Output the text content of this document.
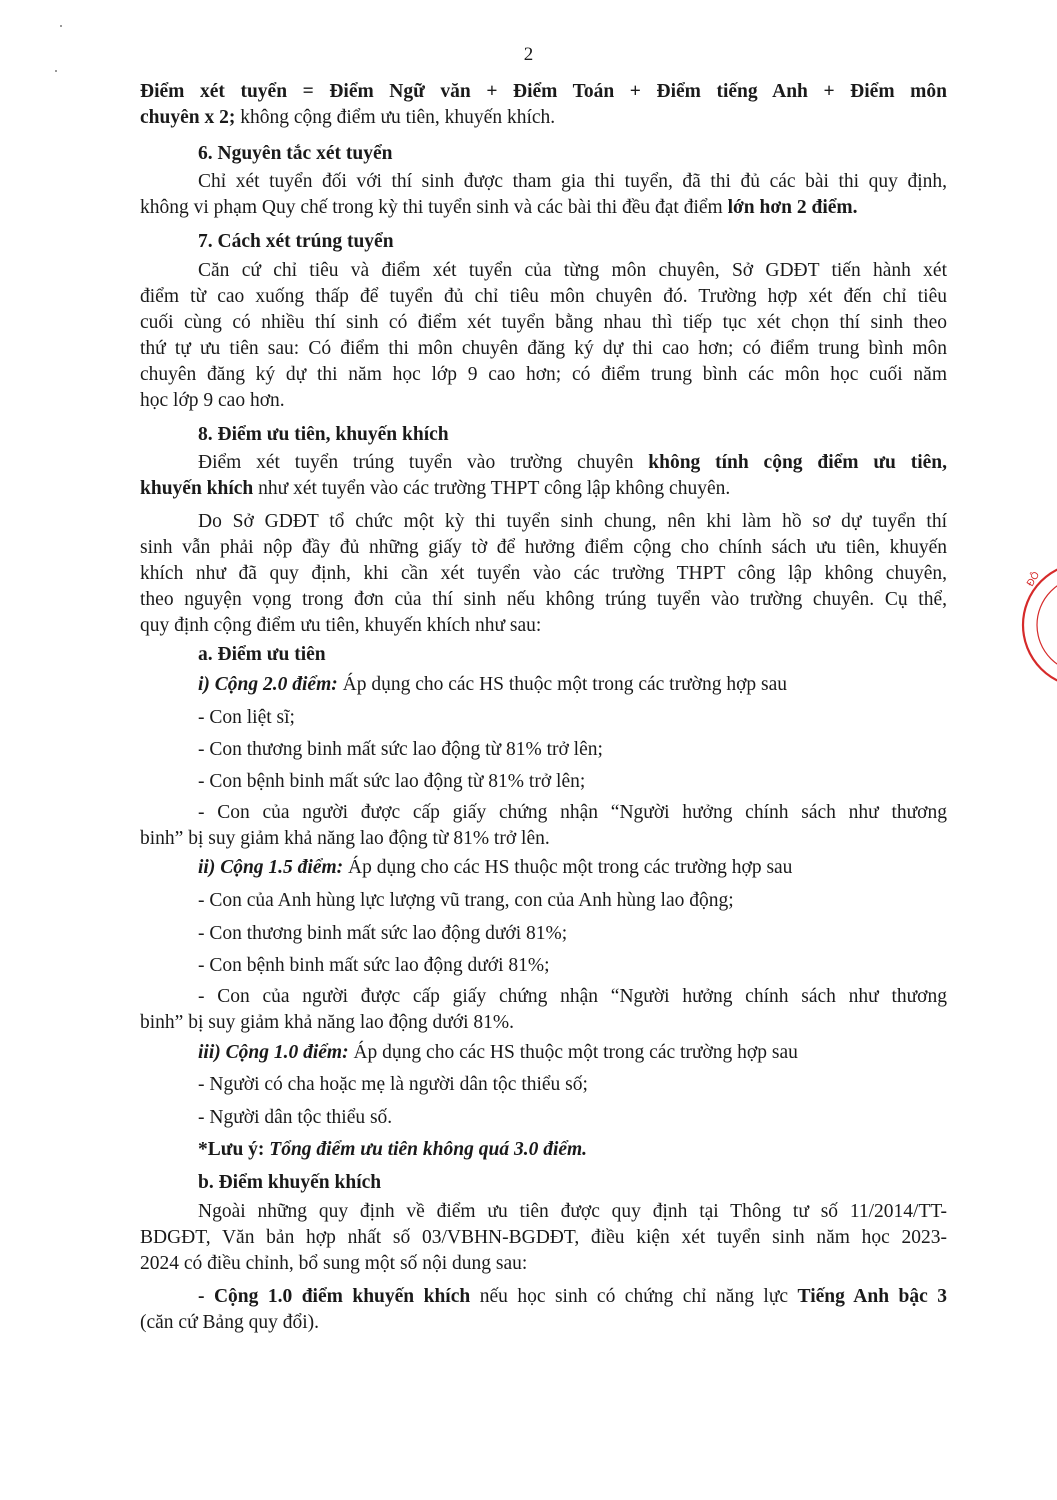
2
Điểm xét tuyển = Điểm Ngữ văn + Điểm Toán + Điểm tiếng Anh + Điểm môn
chuyên x 2; không cộng điểm ưu tiên, khuyến khích.
6. Nguyên tắc xét tuyển
Chỉ xét tuyển đối với thí sinh được tham gia thi tuyển, đã thi đủ các bài thi quy định,
không vi phạm Quy chế trong kỳ thi tuyển sinh và các bài thi đều đạt điểm lớn hơn 2 điểm.
7. Cách xét trúng tuyển
Căn cứ chỉ tiêu và điểm xét tuyển của từng môn chuyên, Sở GDĐT tiến hành xét
điểm từ cao xuống thấp để tuyển đủ chỉ tiêu môn chuyên đó. Trường hợp xét đến chỉ tiêu
cuối cùng có nhiều thí sinh có điểm xét tuyển bằng nhau thì tiếp tục xét chọn thí sinh theo
thứ tự ưu tiên sau: Có điểm thi môn chuyên đăng ký dự thi cao hơn; có điểm trung bình môn
chuyên đăng ký dự thi năm học lớp 9 cao hơn; có điểm trung bình các môn học cuối năm
học lớp 9 cao hơn.
8. Điểm ưu tiên, khuyến khích
Điểm xét tuyển trúng tuyển vào trường chuyên không tính cộng điểm ưu tiên,
khuyến khích như xét tuyển vào các trường THPT công lập không chuyên.
Do Sở GDĐT tổ chức một kỳ thi tuyển sinh chung, nên khi làm hồ sơ dự tuyển thí
sinh vẫn phải nộp đầy đủ những giấy tờ để hưởng điểm cộng cho chính sách ưu tiên, khuyến
khích như đã quy định, khi cần xét tuyển vào các trường THPT công lập không chuyên,
theo nguyện vọng trong đơn của thí sinh nếu không trúng tuyển vào trường chuyên. Cụ thể,
quy định cộng điểm ưu tiên, khuyến khích như sau:
a. Điểm ưu tiên
i) Cộng 2.0 điểm: Áp dụng cho các HS thuộc một trong các trường hợp sau
- Con liệt sĩ;
- Con thương binh mất sức lao động từ 81% trở lên;
- Con bệnh binh mất sức lao động từ 81% trở lên;
- Con của người được cấp giấy chứng nhận “Người hưởng chính sách như thương
binh” bị suy giảm khả năng lao động từ 81% trở lên.
ii) Cộng 1.5 điểm: Áp dụng cho các HS thuộc một trong các trường hợp sau
- Con của Anh hùng lực lượng vũ trang, con của Anh hùng lao động;
- Con thương binh mất sức lao động dưới 81%;
- Con bệnh binh mất sức lao động dưới 81%;
- Con của người được cấp giấy chứng nhận “Người hưởng chính sách như thương
binh” bị suy giảm khả năng lao động dưới 81%.
iii) Cộng 1.0 điểm: Áp dụng cho các HS thuộc một trong các trường hợp sau
- Người có cha hoặc mẹ là người dân tộc thiểu số;
- Người dân tộc thiểu số.
*Lưu ý: Tổng điểm ưu tiên không quá 3.0 điểm.
b. Điểm khuyến khích
Ngoài những quy định về điểm ưu tiên được quy định tại Thông tư số 11/2014/TT-
BDGĐT, Văn bản hợp nhất số 03/VBHN-BGDĐT, điều kiện xét tuyển sinh năm học 2023-
2024 có điều chỉnh, bổ sung một số nội dung sau:
- Cộng 1.0 điểm khuyến khích nếu học sinh có chứng chỉ năng lực Tiếng Anh bậc 3
(căn cứ Bảng quy đổi).
ĐÔ
